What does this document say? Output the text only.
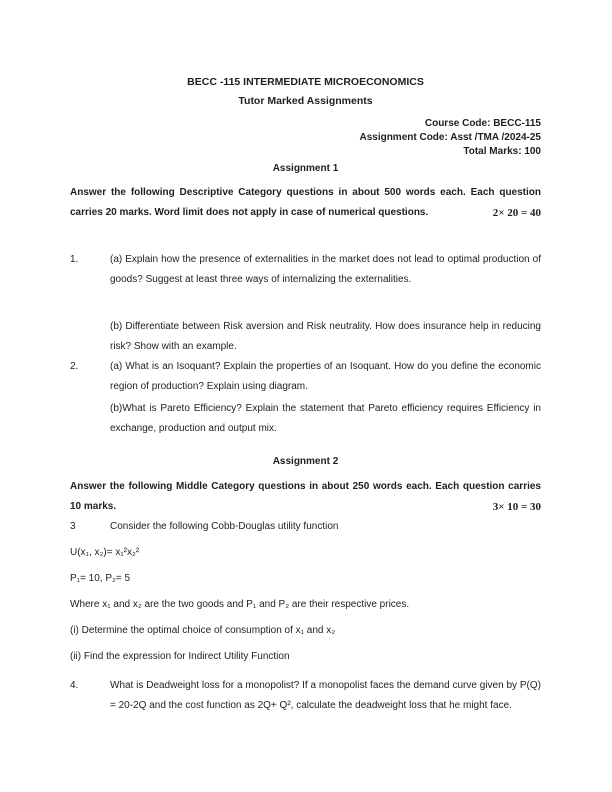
BECC -115 INTERMEDIATE MICROECONOMICS
Tutor Marked Assignments
Course Code: BECC-115
Assignment Code: Asst /TMA /2024-25
Total Marks: 100
Assignment 1
Answer the following Descriptive Category questions in about 500 words each. Each question carries 20 marks. Word limit does not apply in case of numerical questions.	2× 20 = 40
1.	(a) Explain how the presence of externalities in the market does not lead to optimal production of goods? Suggest at least three ways of internalizing the externalities.

(b) Differentiate between Risk aversion and Risk neutrality. How does insurance help in reducing risk? Show with an example.

2.	(a) What is an Isoquant? Explain the properties of an Isoquant. How do you define the economic region of production? Explain using diagram.

(b)What is Pareto Efficiency? Explain the statement that Pareto efficiency requires Efficiency in exchange, production and output mix.

Assignment 2
Answer the following Middle Category questions in about 250 words each. Each question carries 10 marks.	3× 10 = 30
3	Consider the following Cobb-Douglas utility function

U(x₁, x₂)= x₁²x₂²

P₁= 10, P₂= 5

Where x₁ and x₂ are the two goods and P₁ and P₂ are their respective prices.

(i) Determine the optimal choice of consumption of x₁ and x₂

(ii) Find the expression for Indirect Utility Function

4.	What is Deadweight loss for a monopolist? If a monopolist faces the demand curve given by P(Q) = 20-2Q and the cost function as 2Q+ Q², calculate the deadweight loss that he might face.
